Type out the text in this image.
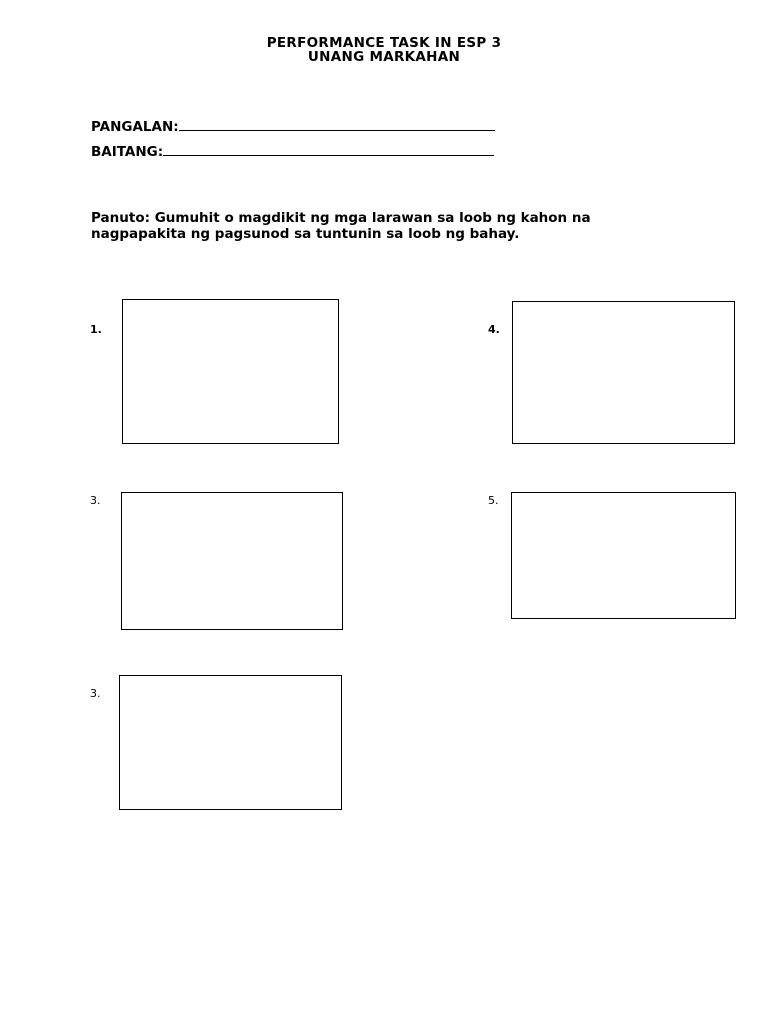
PERFORMANCE TASK IN ESP 3
UNANG MARKAHAN
PANGALAN:
BAITANG:
Panuto: Gumuhit o magdikit ng mga larawan sa loob ng kahon na
nagpapakita ng pagsunod sa tuntunin sa loob ng bahay.
1.	4.
3.	5.
3.
